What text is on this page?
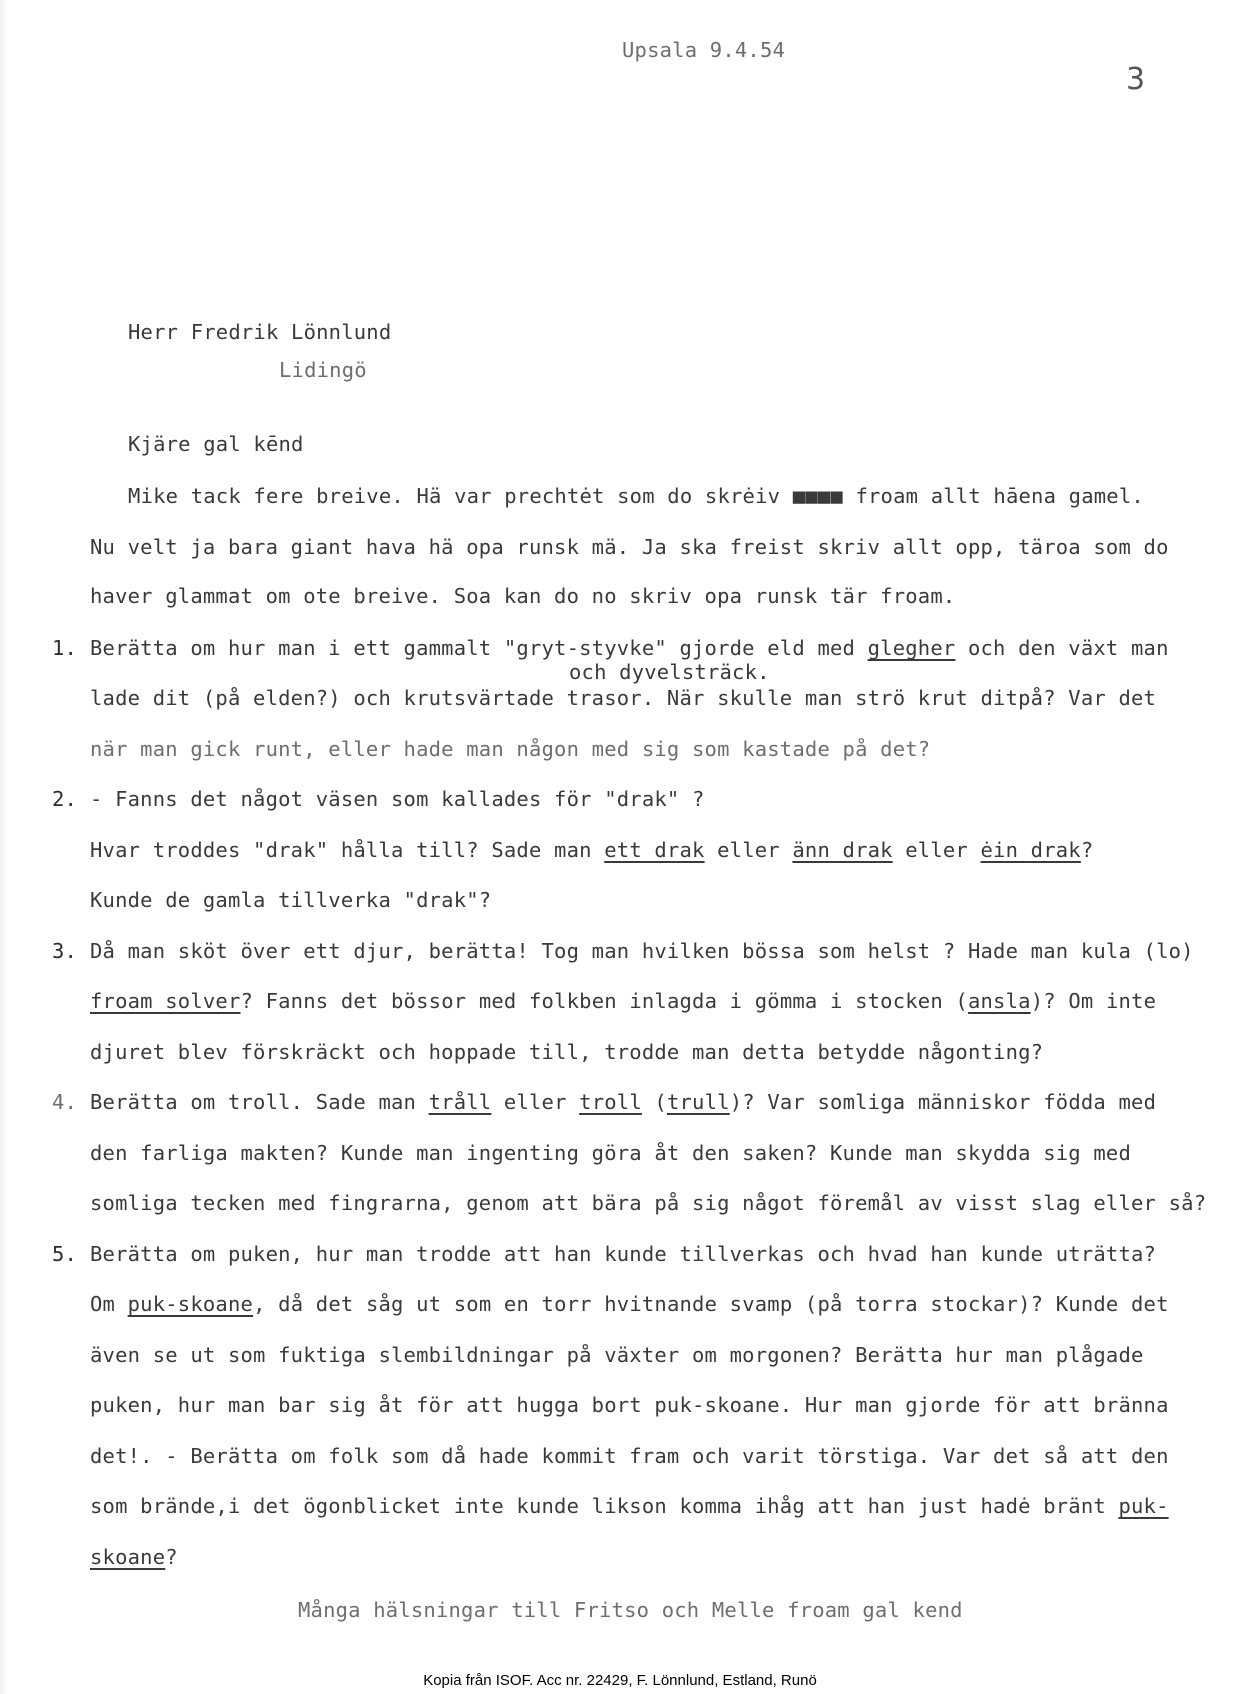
Upsala 9.4.54
3
Herr Fredrik Lönnlund
Lidingö
Kjäre gal kēnd
Mike tack fere breive. Hä var prechtėt som do skrėiv ■■■■ froam allt hāena gamel.
Nu velt ja bara giant hava hä opa runsk mä. Ja ska freist skriv allt opp, täroa som do
haver glammat om ote breive. Soa kan do no skriv opa runsk tär froam.
1. Berätta om hur man i ett gammalt "gryt-styvke" gjorde eld med glegher och den växt man
och dyvelsträck.
lade dit (på elden?) och krutsvärtade trasor. När skulle man strö krut ditpå? Var det
när man gick runt, eller hade man någon med sig som kastade på det?
2. - Fanns det något väsen som kallades för "drak" ?
Hvar troddes "drak" hålla till? Sade man ett drak eller änn drak eller ėin drak?
Kunde de gamla tillverka "drak"?
3. Då man sköt över ett djur, berätta! Tog man hvilken bössa som helst ? Hade man kula (lo)
froam solver? Fanns det bössor med folkben inlagda i gömma i stocken (ansla)? Om inte
djuret blev förskräckt och hoppade till, trodde man detta betydde någonting?
4. Berätta om troll. Sade man tråll eller troll (trull)? Var somliga människor födda med
den farliga makten? Kunde man ingenting göra åt den saken? Kunde man skydda sig med
somliga tecken med fingrarna, genom att bära på sig något föremål av visst slag eller så?
5. Berätta om puken, hur man trodde att han kunde tillverkas och hvad han kunde uträtta?
Om puk-skoane, då det såg ut som en torr hvitnande svamp (på torra stockar)? Kunde det
även se ut som fuktiga slembildningar på växter om morgonen? Berätta hur man plågade
puken, hur man bar sig åt för att hugga bort puk-skoane. Hur man gjorde för att bränna
det!. - Berätta om folk som då hade kommit fram och varit törstiga. Var det så att den
som brände,i det ögonblicket inte kunde likson komma ihåg att han just hadė bränt puk-
skoane?
Många hälsningar till Fritso och Melle froam gal kend
Kopia från ISOF. Acc nr. 22429, F. Lönnlund, Estland, Runö
